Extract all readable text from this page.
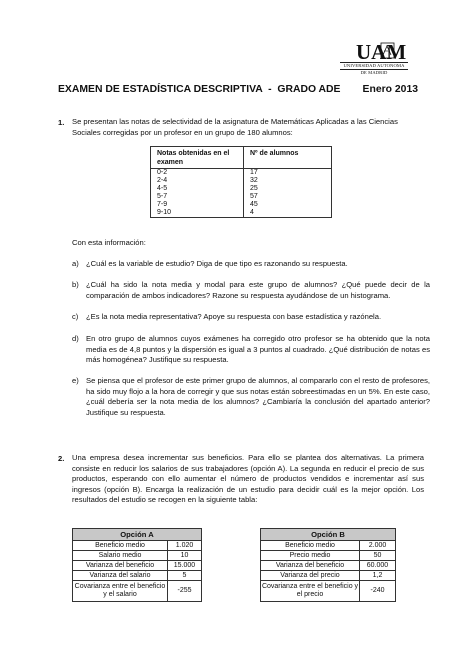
UAM
UNIVERSIDAD AUTONOMA
DE MADRID
EXAMEN DE ESTADÍSTICA DESCRIPTIVA  -  GRADO ADE Enero 2013
1. Se presentan las notas de selectividad de la asignatura de Matemáticas Aplicadas a las Ciencias Sociales corregidas por un profesor en un grupo de 180 alumnos:
Notas obtenidas en el examen	Nº de alumnos
0-2	17
2-4	32
4-5	25
5-7	57
7-9	45
9-10	4
Con esta información:
a) ¿Cuál es la variable de estudio? Diga de que tipo es razonando su respuesta.
b) ¿Cuál ha sido la nota media y modal para este grupo de alumnos? ¿Qué puede decir de la comparación de ambos indicadores? Razone su respuesta ayudándose de un histograma.
c) ¿Es la nota media representativa? Apoye su respuesta con base estadística y razónela.
d) En otro grupo de alumnos cuyos exámenes ha corregido otro profesor se ha obtenido que la nota media es de 4,8 puntos y la dispersión es igual a 3 puntos al cuadrado. ¿Qué distribución de notas es más homogénea? Justifique su respuesta.
e) Se piensa que el profesor de este primer grupo de alumnos, al compararlo con el resto de profesores, ha sido muy flojo a la hora de corregir y que sus notas están sobreestimadas en un 5%. En este caso, ¿cuál debería ser la nota media de los alumnos? ¿Cambiaría la conclusión del apartado anterior? Justifique su respuesta.
2. Una empresa desea incrementar sus beneficios. Para ello se plantea dos alternativas. La primera consiste en reducir los salarios de sus trabajadores (opción A). La segunda en reducir el precio de sus productos, esperando con ello aumentar el número de productos vendidos e incrementar así sus ingresos (opción B). Encarga la realización de un estudio para decidir cuál es la mejor opción. Los resultados del estudio se recogen en la siguiente tabla:
Opción A	
Beneficio medio	1.020
Salario medio	10
Varianza del beneficio	15.000
Varianza del salario	5
Covarianza entre el beneficio y el salario	-255
Opción B	
Beneficio medio	2.000
Precio medio	50
Varianza del beneficio	60.000
Varianza del precio	1,2
Covarianza entre el beneficio y el precio	-240
